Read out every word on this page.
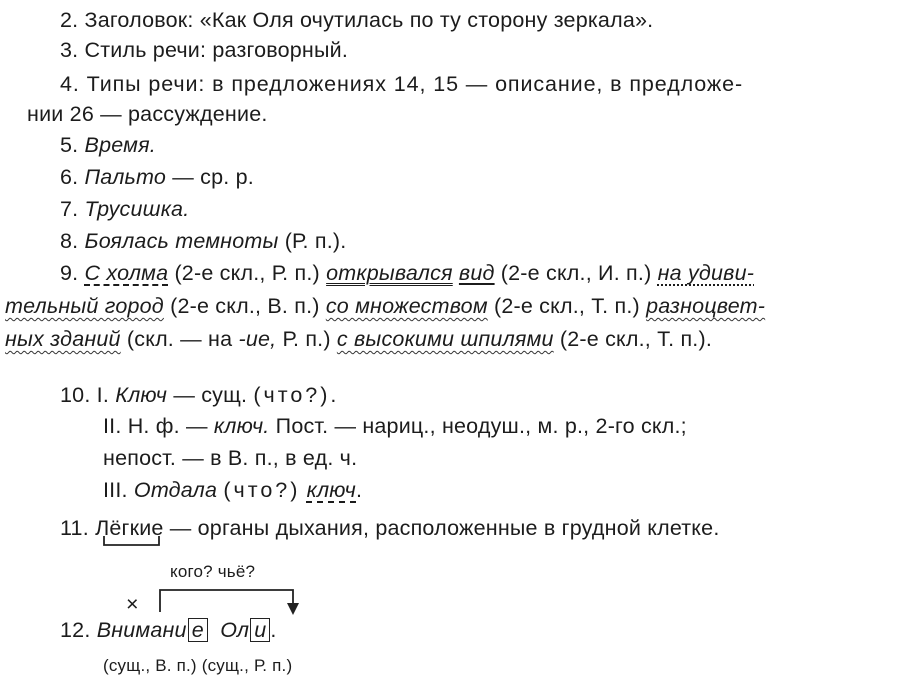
2. Заголовок: «Как Оля очутилась по ту сторону зеркала».
3. Стиль речи: разговорный.
4. Типы речи: в предложениях 14, 15 — описание, в предложе-
нии 26 — рассуждение.
5. Время.
6. Пальто — ср. р.
7. Трусишка.
8. Боялась темноты (Р. п.).
9. С холма (2-е скл., Р. п.) открывался вид (2-е скл., И. п.) на удиви-
тельный город (2-е скл., В. п.) со множеством (2-е скл., Т. п.) разноцвет-
ных зданий (скл. — на -ие, Р. п.) с высокими шпилями (2-е скл., Т. п.).
10. I. Ключ — сущ. (что?).
II. Н. ф. — ключ. Пост. — нариц., неодуш., м. р., 2-го скл.;
непост. — в В. п., в ед. ч.
III. Отдала (что?) ключ.
11. Лёгкие — органы дыхания, расположенные в грудной клетке.
кого? чьё?
×
12. Внимани е Ол и .
(сущ., В. п.) (сущ., Р. п.)
